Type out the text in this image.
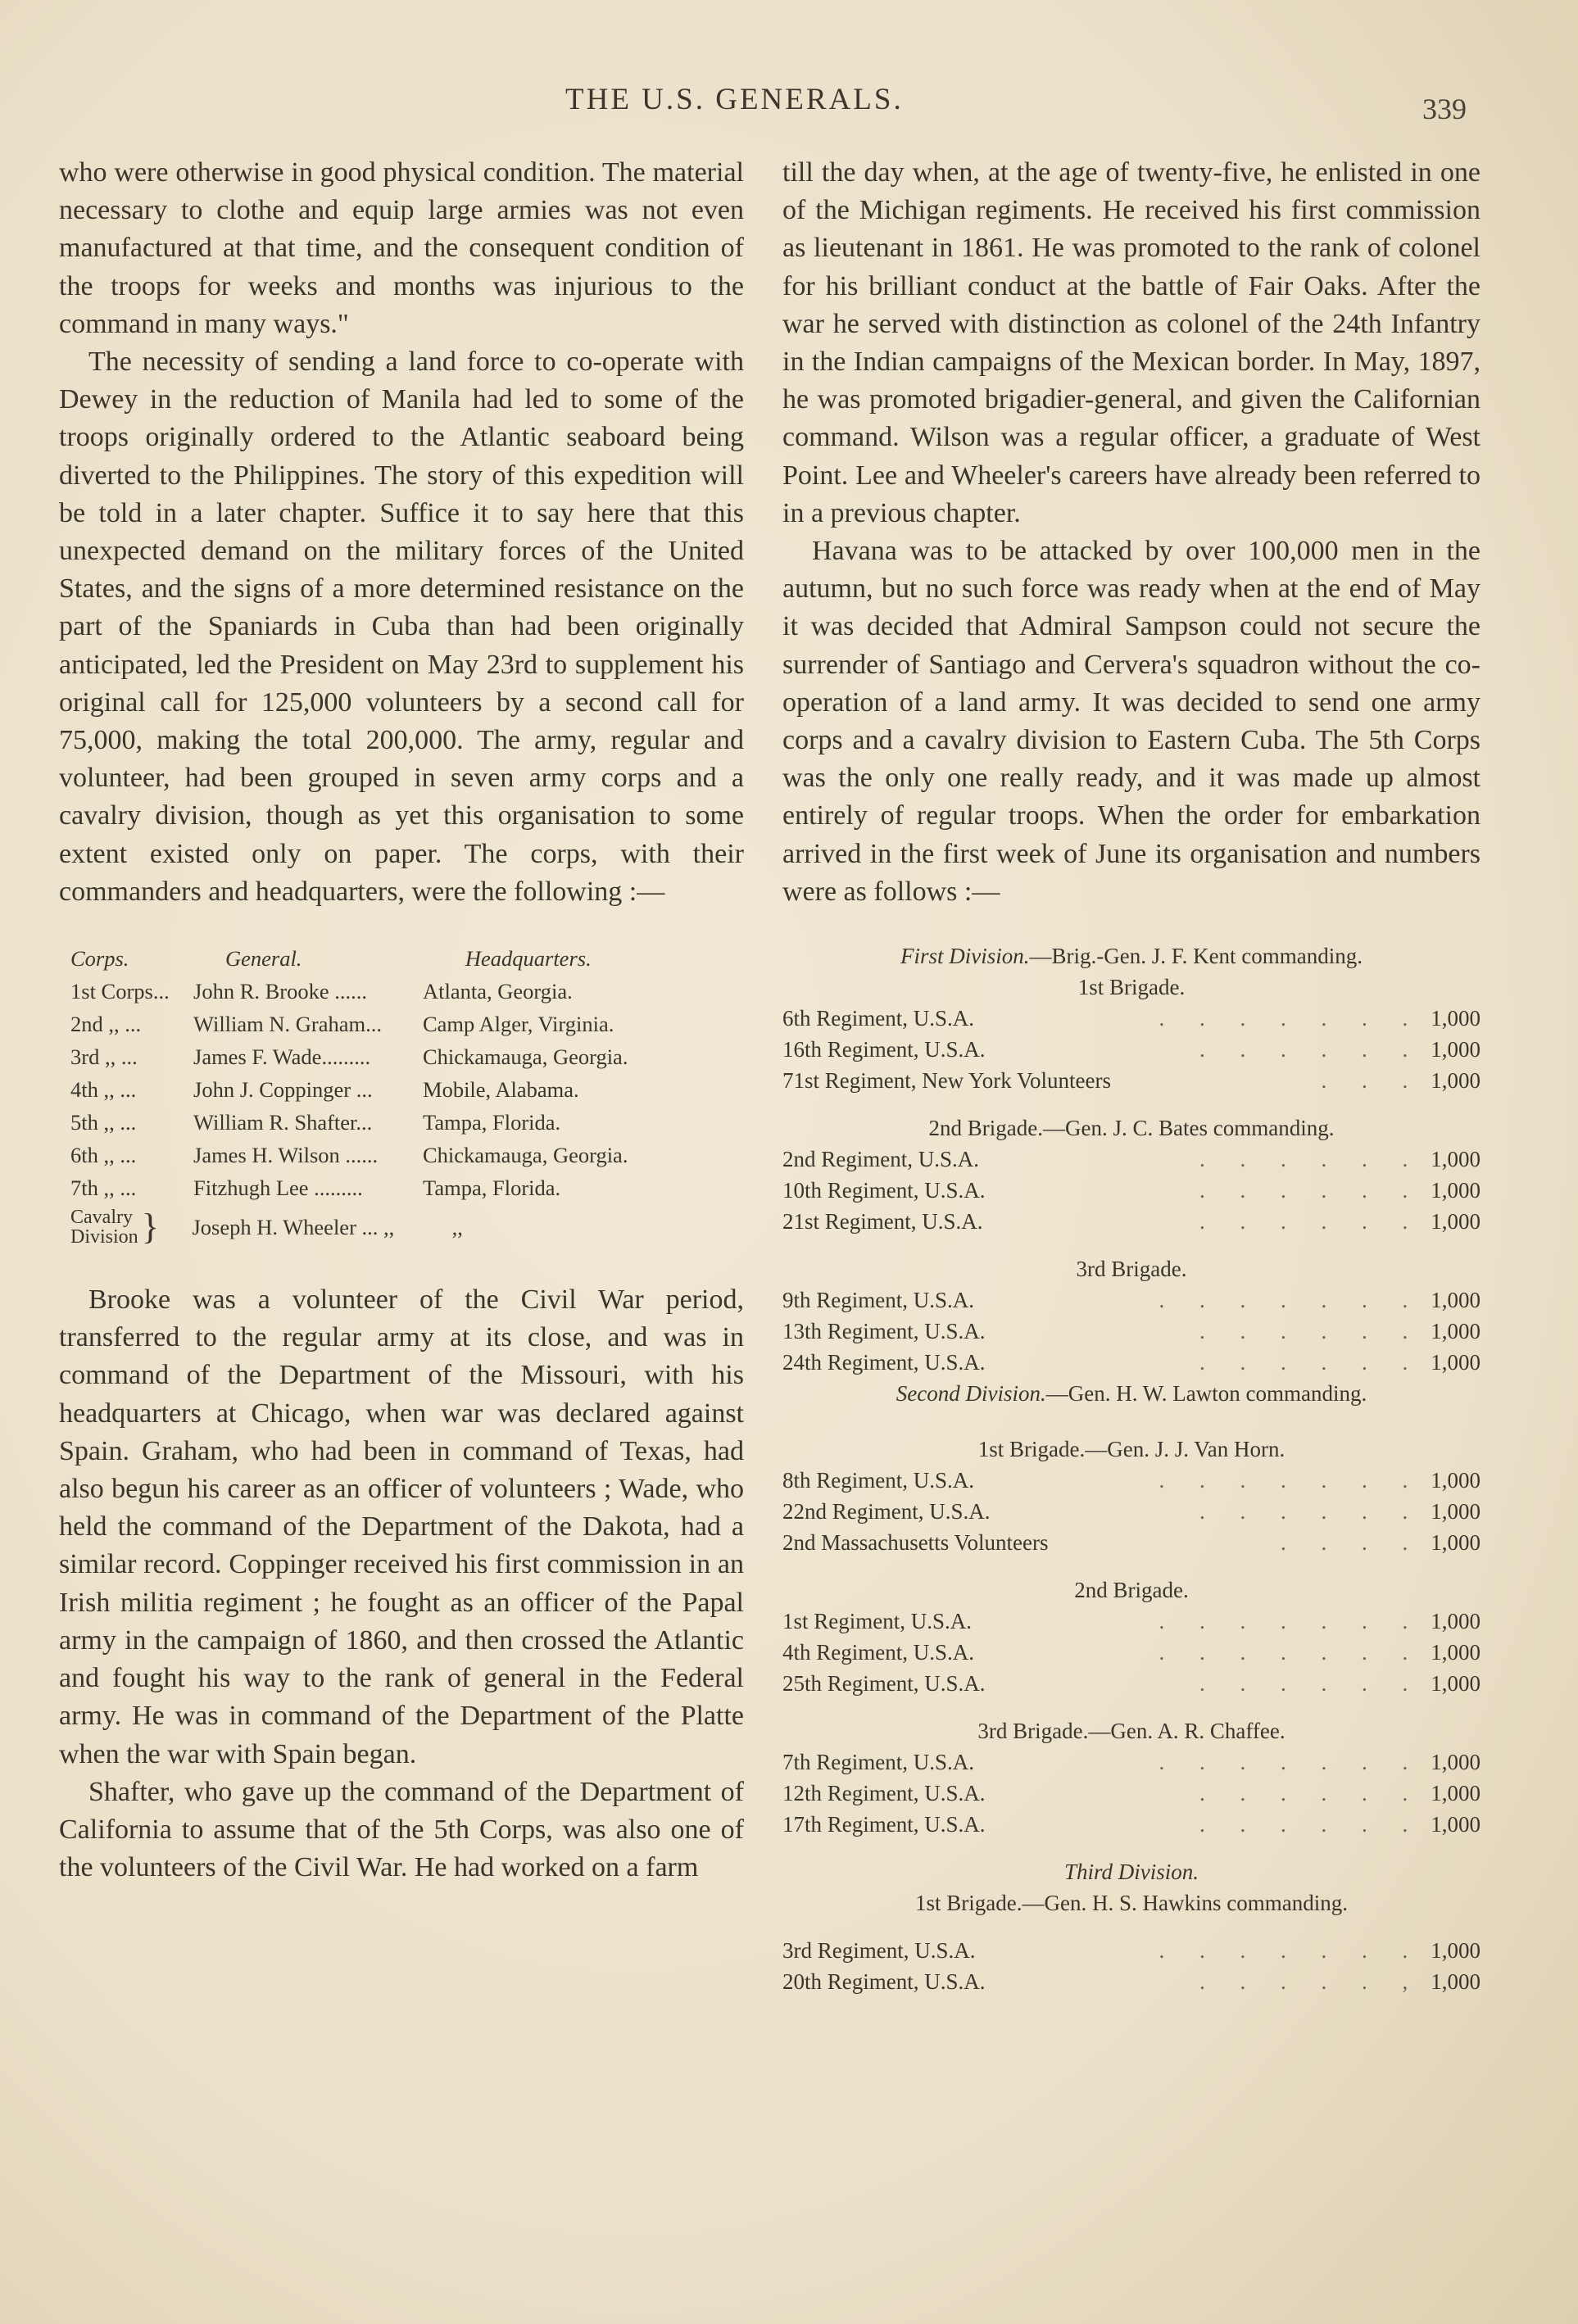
THE U.S. GENERALS.	339

who were otherwise in good physical condition. The material necessary to clothe and equip large armies was not even manufactured at that time, and the consequent condition of the troops for weeks and months was injurious to the command in many ways."

The necessity of sending a land force to co-operate with Dewey in the reduction of Manila had led to some of the troops originally ordered to the Atlantic seaboard being diverted to the Philippines. The story of this expedition will be told in a later chapter. Suffice it to say here that this unexpected demand on the military forces of the United States, and the signs of a more determined resistance on the part of the Spaniards in Cuba than had been originally anticipated, led the President on May 23rd to supplement his original call for 125,000 volunteers by a second call for 75,000, making the total 200,000. The army, regular and volunteer, had been grouped in seven army corps and a cavalry division, though as yet this organisation to some extent existed only on paper. The corps, with their commanders and headquarters, were the following :—

Corps.	General.	Headquarters.
1st Corps...	John R. Brooke ......	Atlanta, Georgia.
2nd ,, ...	William N. Graham...	Camp Alger, Virginia.
3rd ,, ...	James F. Wade.........	Chickamauga, Georgia.
4th ,, ...	John J. Coppinger ...	Mobile, Alabama.
5th ,, ...	William R. Shafter...	Tampa, Florida.
6th ,, ...	James H. Wilson ......	Chickamauga, Georgia.
7th ,, ...	Fitzhugh Lee .........	Tampa, Florida.
Cavalry
Division } Joseph H. Wheeler ... ,,	,,

Brooke was a volunteer of the Civil War period, transferred to the regular army at its close, and was in command of the Department of the Missouri, with his headquarters at Chicago, when war was declared against Spain. Graham, who had been in command of Texas, had also begun his career as an officer of volunteers ; Wade, who held the command of the Department of the Dakota, had a similar record. Coppinger received his first commission in an Irish militia regiment ; he fought as an officer of the Papal army in the campaign of 1860, and then crossed the Atlantic and fought his way to the rank of general in the Federal army. He was in command of the Department of the Platte when the war with Spain began.

Shafter, who gave up the command of the Department of California to assume that of the 5th Corps, was also one of the volunteers of the Civil War. He had worked on a farm

till the day when, at the age of twenty-five, he enlisted in one of the Michigan regiments. He received his first commission as lieutenant in 1861. He was promoted to the rank of colonel for his brilliant conduct at the battle of Fair Oaks. After the war he served with distinction as colonel of the 24th Infantry in the Indian campaigns of the Mexican border. In May, 1897, he was promoted brigadier-general, and given the Californian command. Wilson was a regular officer, a graduate of West Point. Lee and Wheeler's careers have already been referred to in a previous chapter.

Havana was to be attacked by over 100,000 men in the autumn, but no such force was ready when at the end of May it was decided that Admiral Sampson could not secure the surrender of Santiago and Cervera's squadron without the co-operation of a land army. It was decided to send one army corps and a cavalry division to Eastern Cuba. The 5th Corps was the only one really ready, and it was made up almost entirely of regular troops. When the order for embarkation arrived in the first week of June its organisation and numbers were as follows :—

First Division.—Brig.-Gen. J. F. Kent commanding.

1st Brigade.

6th Regiment, U.S.A.	. . . . . . . 1,000
16th Regiment, U.S.A.	. . . . . . 1,000
71st Regiment, New York Volunteers	. . . 1,000

2nd Brigade.—Gen. J. C. Bates commanding.

2nd Regiment, U.S.A.	. . . . . . 1,000
10th Regiment, U.S.A.	. . . . . . 1,000
21st Regiment, U.S.A.	. . . . . . 1,000

3rd Brigade.

9th Regiment, U.S.A.	. . . . . . . 1,000
13th Regiment, U.S.A.	. . . . . . 1,000
24th Regiment, U.S.A.	. . . . . . 1,000

Second Division.—Gen. H. W. Lawton commanding.

1st Brigade.—Gen. J. J. Van Horn.

8th Regiment, U.S.A.	. . . . . . . 1,000
22nd Regiment, U.S.A.	. . . . . . 1,000
2nd Massachusetts Volunteers	. . . . 1,000

2nd Brigade.

1st Regiment, U.S.A.	. . . . . . . 1,000
4th Regiment, U.S.A.	. . . . . . . 1,000
25th Regiment, U.S.A.	. . . . . . 1,000

3rd Brigade.—Gen. A. R. Chaffee.

7th Regiment, U.S.A.	. . . . . . . 1,000
12th Regiment, U.S.A.	. . . . . . 1,000
17th Regiment, U.S.A.	. . . . . . 1,000

Third Division.

1st Brigade.—Gen. H. S. Hawkins commanding.

3rd Regiment, U.S.A.	. . . . . . . 1,000
20th Regiment, U.S.A.	. . . . . , 1,000
